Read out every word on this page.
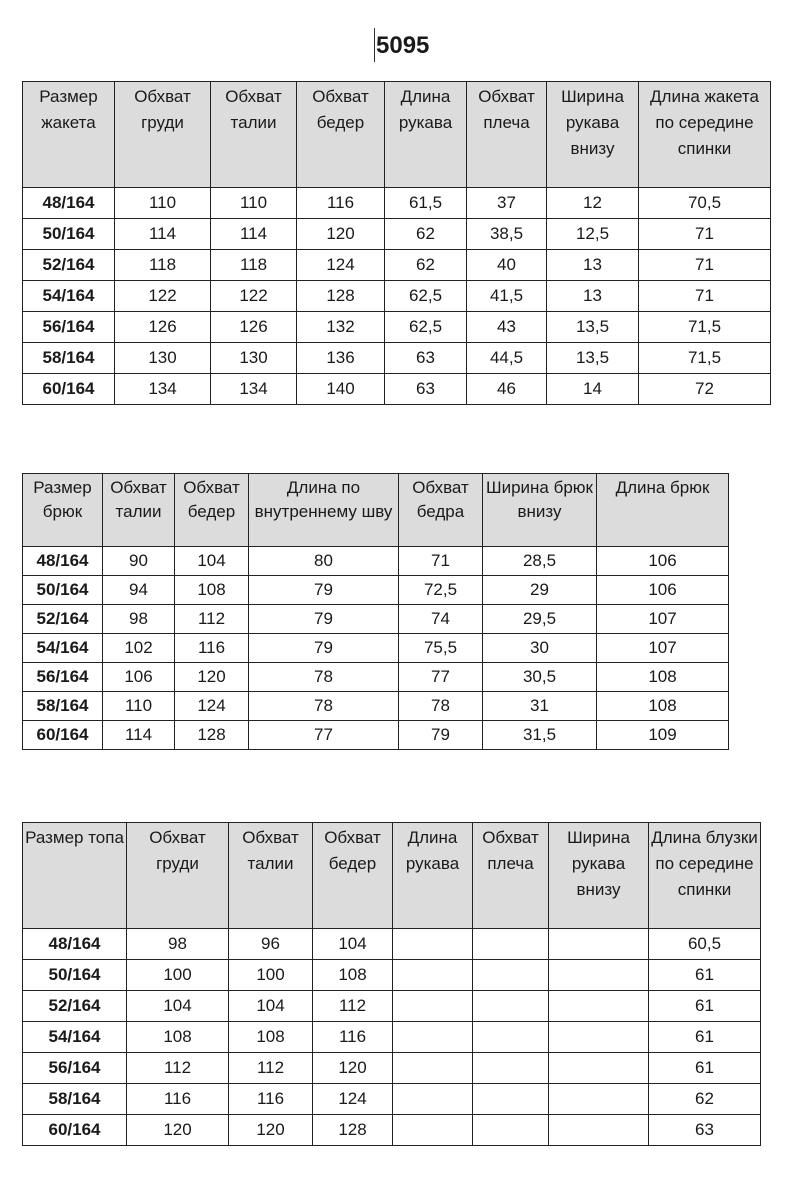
5095
Размер жакета	Обхват груди	Обхват талии	Обхват бедер	Длина рукава	Обхват плеча	Ширина рукава внизу	Длина жакета по середине спинки
48/164	110	110	116	61,5	37	12	70,5
50/164	114	114	120	62	38,5	12,5	71
52/164	118	118	124	62	40	13	71
54/164	122	122	128	62,5	41,5	13	71
56/164	126	126	132	62,5	43	13,5	71,5
58/164	130	130	136	63	44,5	13,5	71,5
60/164	134	134	140	63	46	14	72
Размер брюк	Обхват талии	Обхват бедер	Длина по внутреннему шву	Обхват бедра	Ширина брюк внизу	Длина брюк
48/164	90	104	80	71	28,5	106
50/164	94	108	79	72,5	29	106
52/164	98	112	79	74	29,5	107
54/164	102	116	79	75,5	30	107
56/164	106	120	78	77	30,5	108
58/164	110	124	78	78	31	108
60/164	114	128	77	79	31,5	109
Размер топа	Обхват груди	Обхват талии	Обхват бедер	Длина рукава	Обхват плеча	Ширина рукава внизу	Длина блузки по середине спинки
48/164	98	96	104				60,5
50/164	100	100	108				61
52/164	104	104	112				61
54/164	108	108	116				61
56/164	112	112	120				61
58/164	116	116	124				62
60/164	120	120	128				63
